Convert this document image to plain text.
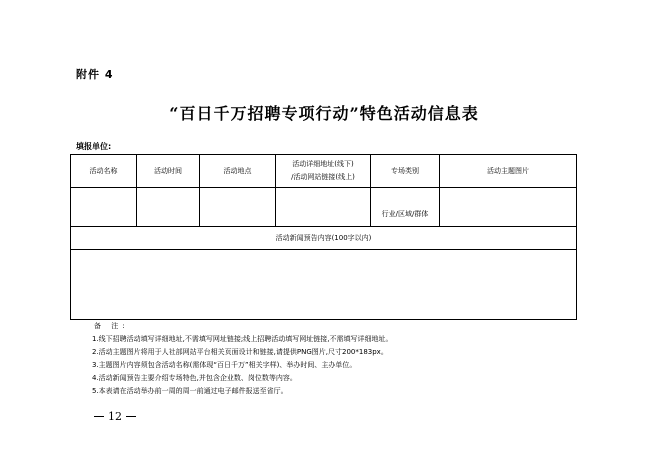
附件 4
“百日千万招聘专项行动”特色活动信息表
填报单位:
活动名称	活动时间	活动地点	活动详细地址(线下)
/活动网站链接(线上)	专场类别	活动主题图片
				行业/区域/群体	
活动新闻预告内容(100字以内)					

备 注:
1.线下招聘活动填写详细地址,不需填写网址链接;线上招聘活动填写网址链接,不需填写详细地址。
2.活动主题图片将用于人社部网站平台相关页面设计和链接,请提供PNG图片,尺寸200*183px。
3.主题图片内容须包含活动名称(需体现“百日千万”相关字样)、举办时间、主办单位。
4.活动新闻预告主要介绍专场特色,并包含企业数、岗位数等内容。
5.本表请在活动举办前一周的周一前通过电子邮件报送至省厅。
12
